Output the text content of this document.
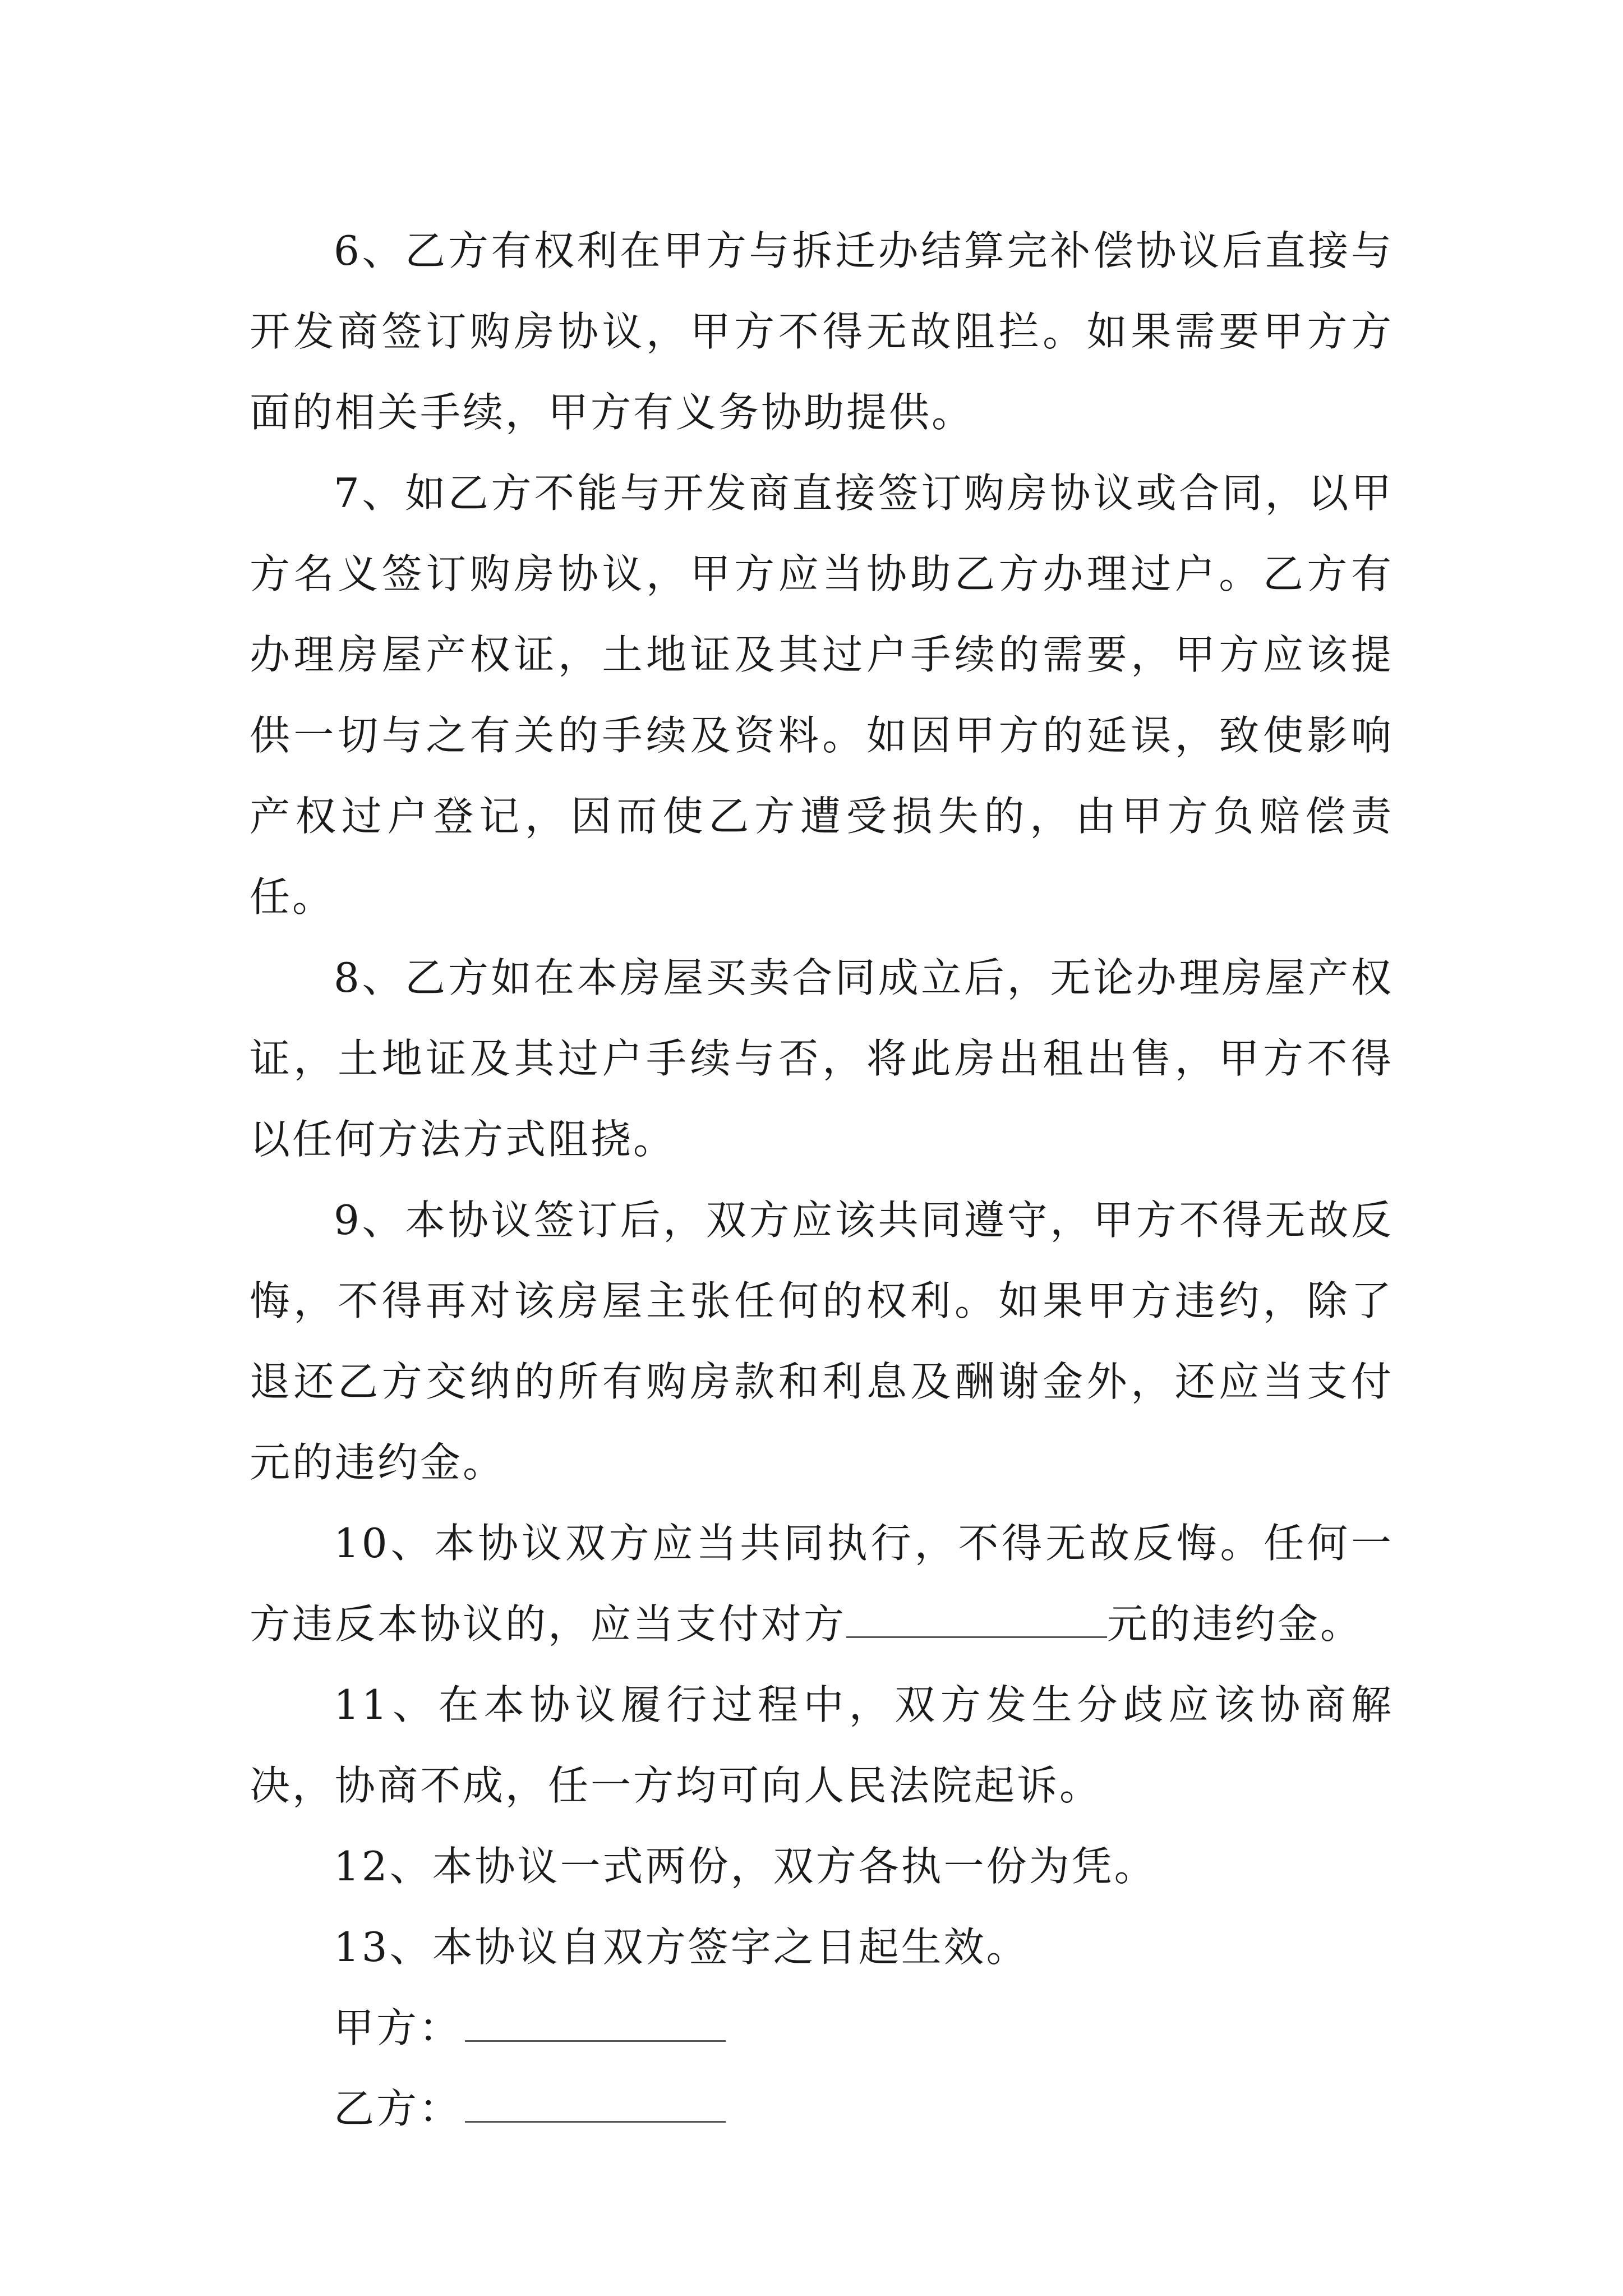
6、乙方有权利在甲方与拆迁办结算完补偿协议后直接与开发商签订购房协议，甲方不得无故阻拦。如果需要甲方方面的相关手续，甲方有义务协助提供。

7、如乙方不能与开发商直接签订购房协议或合同，以甲方名义签订购房协议，甲方应当协助乙方办理过户。乙方有办理房屋产权证，土地证及其过户手续的需要，甲方应该提供一切与之有关的手续及资料。如因甲方的延误，致使影响产权过户登记，因而使乙方遭受损失的，由甲方负赔偿责任。

8、乙方如在本房屋买卖合同成立后，无论办理房屋产权证，土地证及其过户手续与否，将此房出租出售，甲方不得以任何方法方式阻挠。

9、本协议签订后，双方应该共同遵守，甲方不得无故反悔，不得再对该房屋主张任何的权利。如果甲方违约，除了退还乙方交纳的所有购房款和利息及酬谢金外，还应当支付 元的违约金。

10、本协议双方应当共同执行，不得无故反悔。任何一方违反本协议的，应当支付对方	元的违约金。

11、在本协议履行过程中，双方发生分歧应该协商解决，协商不成，任一方均可向人民法院起诉。

12、本协议一式两份，双方各执一份为凭。

13、本协议自双方签字之日起生效。

甲方：

乙方：
